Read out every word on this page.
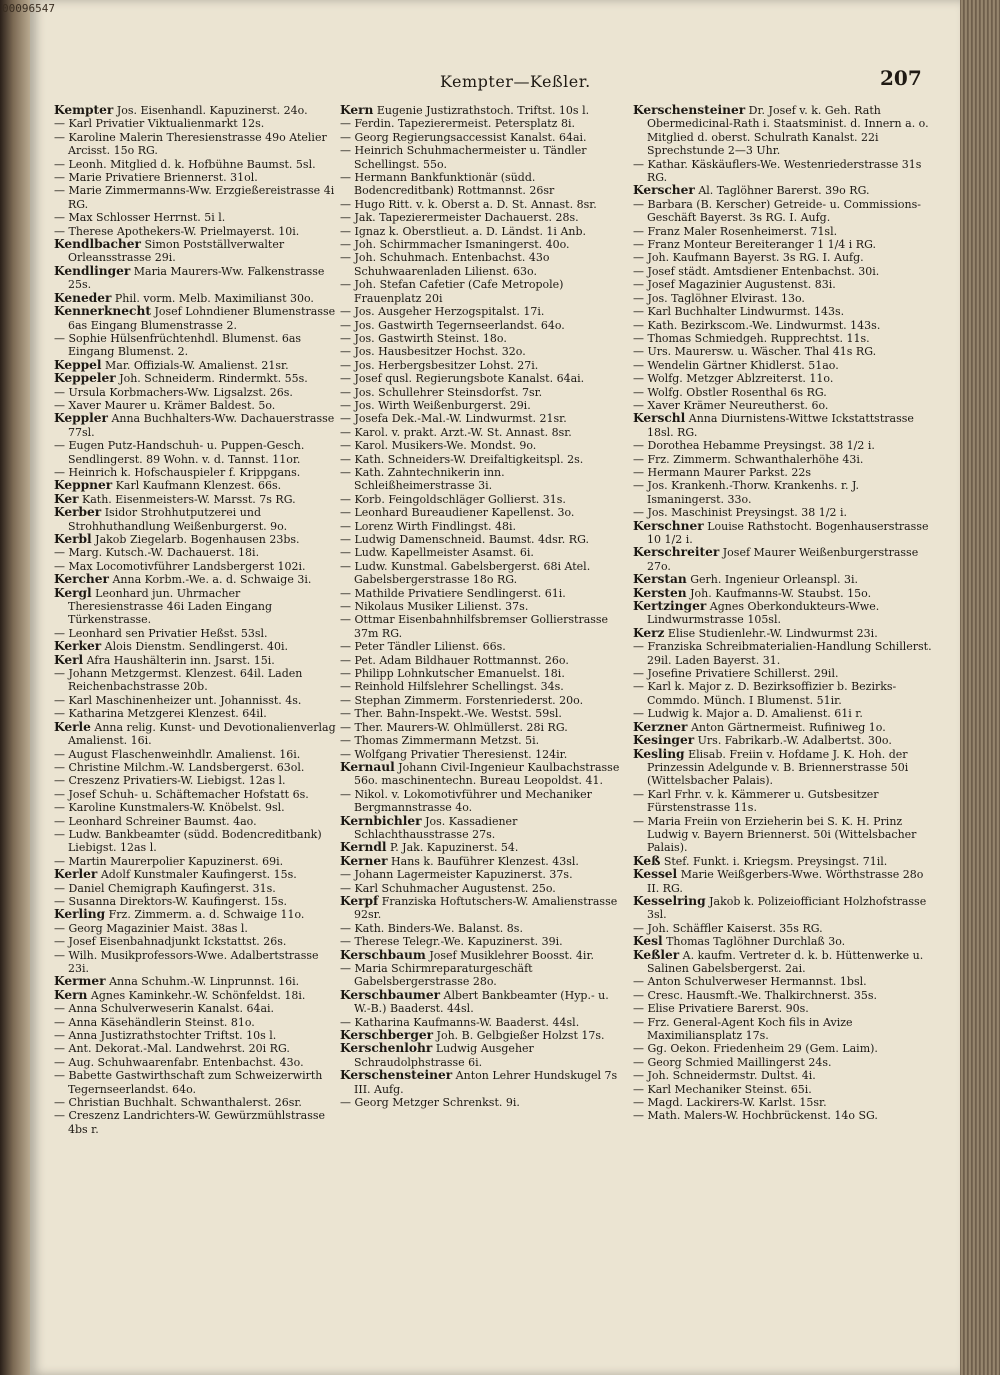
00096547
Kempter—Keßler.	207

Kempter Jos. Eisenhandl. Kapuzinerst. 24o.

— Karl Privatier Viktualienmarkt 12s.

— Karoline Malerin Theresienstrasse 49o Atelier Arcisst. 15o RG.

— Leonh. Mitglied d. k. Hofbühne Baumst. 5sl.

— Marie Privatiere Briennerst. 31ol.

— Marie Zimmermanns-Ww. Erzgießereistrasse 4i RG.

— Max Schlosser Herrnst. 5i l.

— Therese Apothekers-W. Prielmayerst. 10i.

Kendlbacher Simon Postställverwalter Orleansstrasse 29i.

Kendlinger Maria Maurers-Ww. Falkenstrasse 25s.

Keneder Phil. vorm. Melb. Maximilianst 30o.

Kennerknecht Josef Lohndiener Blumenstrasse 6as Eingang Blumenstrasse 2.

— Sophie Hülsenfrüchtenhdl. Blumenst. 6as Eingang Blumenst. 2.

Keppel Mar. Offizials-W. Amalienst. 21sr.

Keppeler Joh. Schneiderm. Rindermkt. 55s.

— Ursula Korbmachers-Ww. Ligsalzst. 26s.

— Xaver Maurer u. Krämer Baldest. 5o.

Keppler Anna Buchhalters-Ww. Dachauerstrasse 77sl.

— Eugen Putz-Handschuh- u. Puppen-Gesch. Sendlingerst. 89 Wohn. v. d. Tannst. 11or.

— Heinrich k. Hofschauspieler f. Krippgans.

Keppner Karl Kaufmann Klenzest. 66s.

Ker Kath. Eisenmeisters-W. Marsst. 7s RG.

Kerber Isidor Strohhutputzerei und Strohhuthandlung Weißenburgerst. 9o.

Kerbl Jakob Ziegelarb. Bogenhausen 23bs.

— Marg. Kutsch.-W. Dachauerst. 18i.

— Max Locomotivführer Landsbergerst 102i.

Kercher Anna Korbm.-We. a. d. Schwaige 3i.

Kergl Leonhard jun. Uhrmacher Theresienstrasse 46i Laden Eingang Türkenstrasse.

— Leonhard sen Privatier Heßst. 53sl.

Kerker Alois Dienstm. Sendlingerst. 40i.

Kerl Afra Haushälterin inn. Jsarst. 15i.

— Johann Metzgermst. Klenzest. 64il. Laden Reichenbachstrasse 20b.

— Karl Maschinenheizer unt. Johannisst. 4s.

— Katharina Metzgerei Klenzest. 64il.

Kerle Anna relig. Kunst- und Devotionalienverlag Amalienst. 16i.

— August Flaschenweinhdlr. Amalienst. 16i.

— Christine Milchm.-W. Landsbergerst. 63ol.

— Creszenz Privatiers-W. Liebigst. 12as l.

— Josef Schuh- u. Schäftemacher Hofstatt 6s.

— Karoline Kunstmalers-W. Knöbelst. 9sl.

— Leonhard Schreiner Baumst. 4ao.

— Ludw. Bankbeamter (südd. Bodencreditbank) Liebigst. 12as l.

— Martin Maurerpolier Kapuzinerst. 69i.

Kerler Adolf Kunstmaler Kaufingerst. 15s.

— Daniel Chemigraph Kaufingerst. 31s.

— Susanna Direktors-W. Kaufingerst. 15s.

Kerling Frz. Zimmerm. a. d. Schwaige 11o.

— Georg Magazinier Maist. 38as l.

— Josef Eisenbahnadjunkt Ickstattst. 26s.

— Wilh. Musikprofessors-Wwe. Adalbertstrasse 23i.

Kermer Anna Schuhm.-W. Linprunnst. 16i.

Kern Agnes Kaminkehr.-W. Schönfeldst. 18i.

— Anna Schulverweserin Kanalst. 64ai.

— Anna Käsehändlerin Steinst. 81o.

— Anna Justizrathstochter Triftst. 10s l.

— Ant. Dekorat.-Mal. Landwehrst. 20i RG.

— Aug. Schuhwaarenfabr. Entenbachst. 43o.

— Babette Gastwirthschaft zum Schweizerwirth Tegernseerlandst. 64o.

— Christian Buchhalt. Schwanthalerst. 26sr.

— Creszenz Landrichters-W. Gewürzmühlstrasse 4bs r.

Kern Eugenie Justizrathstoch. Triftst. 10s l.

— Ferdin. Tapezierermeist. Petersplatz 8i.

— Georg Regierungsaccessist Kanalst. 64ai.

— Heinrich Schuhmachermeister u. Tändler Schellingst. 55o.

— Hermann Bankfunktionär (südd. Bodencreditbank) Rottmannst. 26sr

— Hugo Ritt. v. k. Oberst a. D. St. Annast. 8sr.

— Jak. Tapezierermeister Dachauerst. 28s.

— Ignaz k. Oberstlieut. a. D. Ländst. 1i Anb.

— Joh. Schirmmacher Ismaningerst. 40o.

— Joh. Schuhmach. Entenbachst. 43o Schuhwaarenladen Lilienst. 63o.

— Joh. Stefan Cafetier (Cafe Metropole) Frauenplatz 20i

— Jos. Ausgeher Herzogspitalst. 17i.

— Jos. Gastwirth Tegernseerlandst. 64o.

— Jos. Gastwirth Steinst. 18o.

— Jos. Hausbesitzer Hochst. 32o.

— Jos. Herbergsbesitzer Lohst. 27i.

— Josef qusl. Regierungsbote Kanalst. 64ai.

— Jos. Schullehrer Steinsdorfst. 7sr.

— Jos. Wirth Weißenburgerst. 29i.

— Josefa Dek.-Mal.-W. Lindwurmst. 21sr.

— Karol. v. prakt. Arzt.-W. St. Annast. 8sr.

— Karol. Musikers-We. Mondst. 9o.

— Kath. Schneiders-W. Dreifaltigkeitspl. 2s.

— Kath. Zahntechnikerin inn. Schleißheimerstrasse 3i.

— Korb. Feingoldschläger Gollierst. 31s.

— Leonhard Bureaudiener Kapellenst. 3o.

— Lorenz Wirth Findlingst. 48i.

— Ludwig Damenschneid. Baumst. 4dsr. RG.

— Ludw. Kapellmeister Asamst. 6i.

— Ludw. Kunstmal. Gabelsbergerst. 68i Atel. Gabelsbergerstrasse 18o RG.

— Mathilde Privatiere Sendlingerst. 61i.

— Nikolaus Musiker Lilienst. 37s.

— Ottmar Eisenbahnhilfsbremser Gollierstrasse 37m RG.

— Peter Tändler Lilienst. 66s.

— Pet. Adam Bildhauer Rottmannst. 26o.

— Philipp Lohnkutscher Emanuelst. 18i.

— Reinhold Hilfslehrer Schellingst. 34s.

— Stephan Zimmerm. Forstenriederst. 20o.

— Ther. Bahn-Inspekt.-We. Westst. 59sl.

— Ther. Maurers-W. Ohlmüllerst. 28i RG.

— Thomas Zimmermann Metzst. 5i.

— Wolfgang Privatier Theresienst. 124ir.

Kernaul Johann Civil-Ingenieur Kaulbachstrasse 56o. maschinentechn. Bureau Leopoldst. 41.

— Nikol. v. Lokomotivführer und Mechaniker Bergmannstrasse 4o.

Kernbichler Jos. Kassadiener Schlachthausstrasse 27s.

Kerndl P. Jak. Kapuzinerst. 54.

Kerner Hans k. Bauführer Klenzest. 43sl.

— Johann Lagermeister Kapuzinerst. 37s.

— Karl Schuhmacher Augustenst. 25o.

Kerpf Franziska Hoftutschers-W. Amalienstrasse 92sr.

— Kath. Binders-We. Balanst. 8s.

— Therese Telegr.-We. Kapuzinerst. 39i.

Kerschbaum Josef Musiklehrer Boosst. 4ir.

— Maria Schirmreparaturgeschäft Gabelsbergerstrasse 28o.

Kerschbaumer Albert Bankbeamter (Hyp.- u. W.-B.) Baaderst. 44sl.

— Katharina Kaufmanns-W. Baaderst. 44sl.

Kerschberger Joh. B. Gelbgießer Holzst 17s.

Kerschenlohr Ludwig Ausgeher Schraudolphstrasse 6i.

Kerschensteiner Anton Lehrer Hundskugel 7s III. Aufg.

— Georg Metzger Schrenkst. 9i.

Kerschensteiner Dr. Josef v. k. Geh. Rath Obermedicinal-Rath i. Staatsminist. d. Innern a. o. Mitglied d. oberst. Schulrath Kanalst. 22i Sprechstunde 2—3 Uhr.

— Kathar. Käskäuflers-We. Westenriederstrasse 31s RG.

Kerscher Al. Taglöhner Barerst. 39o RG.

— Barbara (B. Kerscher) Getreide- u. Commissions-Geschäft Bayerst. 3s RG. I. Aufg.

— Franz Maler Rosenheimerst. 71sl.

— Franz Monteur Bereiteranger 1 1/4 i RG.

— Joh. Kaufmann Bayerst. 3s RG. I. Aufg.

— Josef städt. Amtsdiener Entenbachst. 30i.

— Josef Magazinier Augustenst. 83i.

— Jos. Taglöhner Elvirast. 13o.

— Karl Buchhalter Lindwurmst. 143s.

— Kath. Bezirkscom.-We. Lindwurmst. 143s.

— Thomas Schmiedgeh. Rupprechtst. 11s.

— Urs. Maurersw. u. Wäscher. Thal 41s RG.

— Wendelin Gärtner Khidlerst. 51ao.

— Wolfg. Metzger Ablzreiterst. 11o.

— Wolfg. Obstler Rosenthal 6s RG.

— Xaver Krämer Neureutherst. 6o.

Kerschl Anna Diurnistens-Wittwe Ickstattstrasse 18sl. RG.

— Dorothea Hebamme Preysingst. 38 1/2 i.

— Frz. Zimmerm. Schwanthalerhöhe 43i.

— Hermann Maurer Parkst. 22s

— Jos. Krankenh.-Thorw. Krankenhs. r. J. Ismaningerst. 33o.

— Jos. Maschinist Preysingst. 38 1/2 i.

Kerschner Louise Rathstocht. Bogenhauserstrasse 10 1/2 i.

Kerschreiter Josef Maurer Weißenburgerstrasse 27o.

Kerstan Gerh. Ingenieur Orleanspl. 3i.

Kersten Joh. Kaufmanns-W. Staubst. 15o.

Kertzinger Agnes Oberkondukteurs-Wwe. Lindwurmstrasse 105sl.

Kerz Elise Studienlehr.-W. Lindwurmst 23i.

— Franziska Schreibmaterialien-Handlung Schillerst. 29il. Laden Bayerst. 31.

— Josefine Privatiere Schillerst. 29il.

— Karl k. Major z. D. Bezirksoffizier b. Bezirks-Commdo. Münch. I Blumenst. 51ir.

— Ludwig k. Major a. D. Amalienst. 61i r.

Kerzner Anton Gärtnermeist. Rufiniweg 1o.

Kesinger Urs. Fabrikarb.-W. Adalbertst. 30o.

Kesling Elisab. Freiin v. Hofdame J. K. Hoh. der Prinzessin Adelgunde v. B. Briennerstrasse 50i (Wittelsbacher Palais).

— Karl Frhr. v. k. Kämmerer u. Gutsbesitzer Fürstenstrasse 11s.

— Maria Freiin von Erzieherin bei S. K. H. Prinz Ludwig v. Bayern Briennerst. 50i (Wittelsbacher Palais).

Keß Stef. Funkt. i. Kriegsm. Preysingst. 71il.

Kessel Marie Weißgerbers-Wwe. Wörthstrasse 28o II. RG.

Kesselring Jakob k. Polizeiofficiant Holzhofstrasse 3sl.

— Joh. Schäffler Kaiserst. 35s RG.

Kesl Thomas Taglöhner Durchlaß 3o.

Keßler A. kaufm. Vertreter d. k. b. Hüttenwerke u. Salinen Gabelsbergerst. 2ai.

— Anton Schulverweser Hermannst. 1bsl.

— Cresc. Hausmft.-We. Thalkirchnerst. 35s.

— Elise Privatiere Barerst. 90s.

— Frz. General-Agent Koch fils in Avize Maximiliansplatz 17s.

— Gg. Oekon. Friedenheim 29 (Gem. Laim).

— Georg Schmied Maillingerst 24s.

— Joh. Schneidermstr. Dultst. 4i.

— Karl Mechaniker Steinst. 65i.

— Magd. Lackirers-W. Karlst. 15sr.

— Math. Malers-W. Hochbrückenst. 14o SG.
